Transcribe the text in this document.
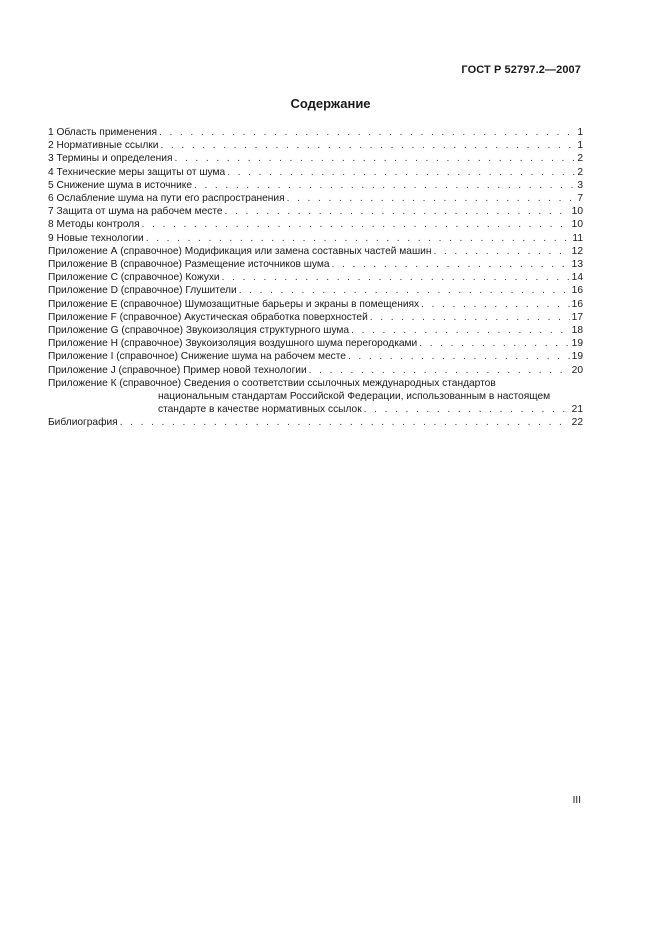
ГОСТ Р 52797.2—2007
Содержание
1 Область применения . . .	1
2 Нормативные ссылки . . .	1
3 Термины и определения . . .	2
4 Технические меры защиты от шума . . .	2
5 Снижение шума в источнике . . .	3
6 Ослабление шума на пути его распространения . . .	7
7 Защита от шума на рабочем месте . . .	10
8 Методы контроля . . .	10
9 Новые технологии . . .	11
Приложение А (справочное) Модификация или замена составных частей машин . . .	12
Приложение В (справочное) Размещение источников шума . . .	13
Приложение С (справочное) Кожухи . . .	14
Приложение D (справочное) Глушители . . .	16
Приложение Е (справочное) Шумозащитные барьеры и экраны в помещениях . . .	16
Приложение F (справочное) Акустическая обработка поверхностей . . .	17
Приложение G (справочное) Звукоизоляция структурного шума . . .	18
Приложение Н (справочное) Звукоизоляция воздушного шума перегородками . . .	19
Приложение I (справочное) Снижение шума на рабочем месте . . .	19
Приложение J (справочное) Пример новой технологии . . .	20
Приложение К (справочное) Сведения о соответствии ссылочных международных стандартов
национальным стандартам Российской Федерации, использованным в настоящем
стандарте в качестве нормативных ссылок . . .	21
Библиография . . .	22
III
